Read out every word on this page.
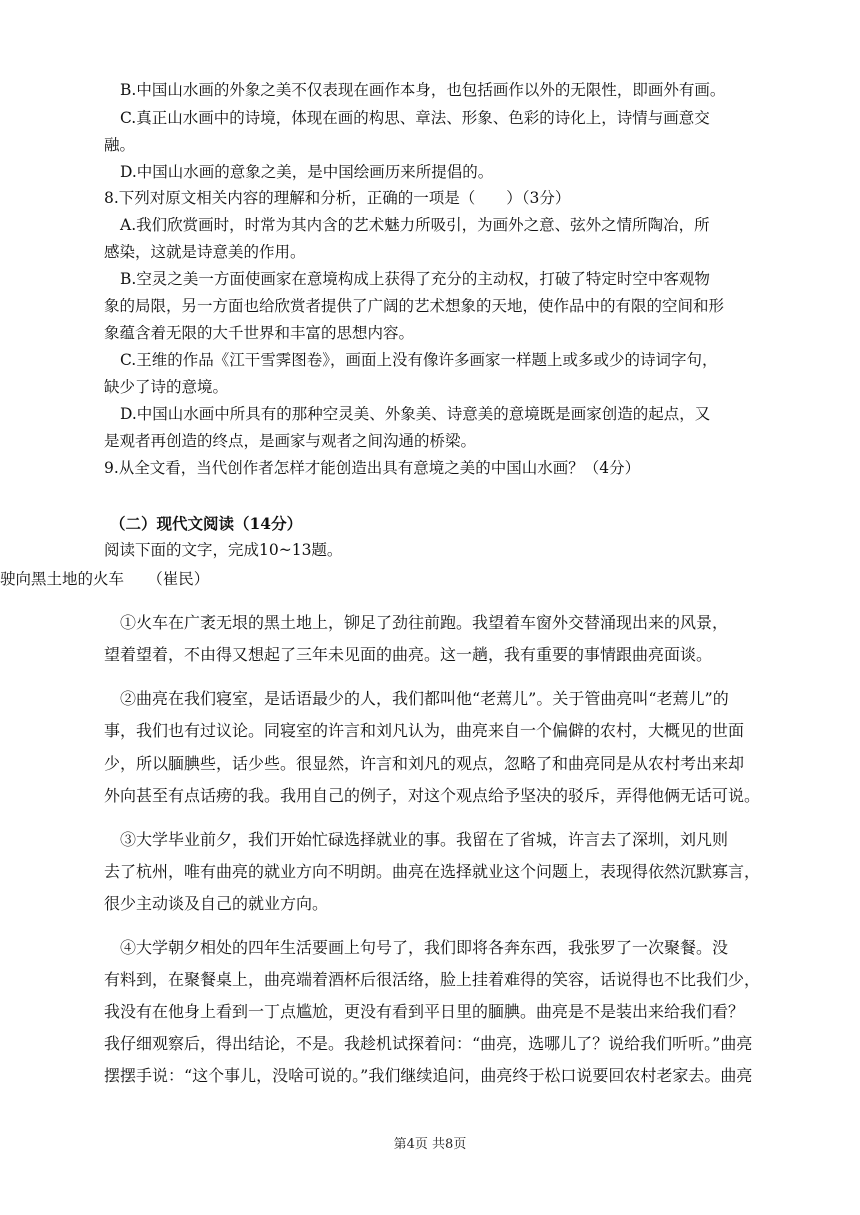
B.中国山水画的外象之美不仅表现在画作本身，也包括画作以外的无限性，即画外有画。
C.真正山水画中的诗境，体现在画的构思、章法、形象、色彩的诗化上，诗情与画意交
融。
D.中国山水画的意象之美，是中国绘画历来所提倡的。
8.下列对原文相关内容的理解和分析，正确的一项是（　　）（3分）
A.我们欣赏画时，时常为其内含的艺术魅力所吸引，为画外之意、弦外之情所陶冶，所
感染，这就是诗意美的作用。
B.空灵之美一方面使画家在意境构成上获得了充分的主动权，打破了特定时空中客观物
象的局限，另一方面也给欣赏者提供了广阔的艺术想象的天地，使作品中的有限的空间和形
象蕴含着无限的大千世界和丰富的思想内容。
C.王维的作品《江干雪霁图卷》，画面上没有像许多画家一样题上或多或少的诗词字句，
缺少了诗的意境。
D.中国山水画中所具有的那种空灵美、外象美、诗意美的意境既是画家创造的起点，又
是观者再创造的终点，是画家与观者之间沟通的桥梁。
9.从全文看，当代创作者怎样才能创造出具有意境之美的中国山水画？（4分）
（二）现代文阅读（14分）
阅读下面的文字，完成10~13题。
驶向黑土地的火车　　（崔民）
①火车在广袤无垠的黑土地上，铆足了劲往前跑。我望着车窗外交替涌现出来的风景，
望着望着，不由得又想起了三年未见面的曲亮。这一趟，我有重要的事情跟曲亮面谈。
②曲亮在我们寝室，是话语最少的人，我们都叫他“老蔫儿”。关于管曲亮叫“老蔫儿”的
事，我们也有过议论。同寝室的许言和刘凡认为，曲亮来自一个偏僻的农村，大概见的世面
少，所以腼腆些，话少些。很显然，许言和刘凡的观点，忽略了和曲亮同是从农村考出来却
外向甚至有点话痨的我。我用自己的例子，对这个观点给予坚决的驳斥，弄得他俩无话可说。
③大学毕业前夕，我们开始忙碌选择就业的事。我留在了省城，许言去了深圳，刘凡则
去了杭州，唯有曲亮的就业方向不明朗。曲亮在选择就业这个问题上，表现得依然沉默寡言，
很少主动谈及自己的就业方向。
④大学朝夕相处的四年生活要画上句号了，我们即将各奔东西，我张罗了一次聚餐。没
有料到，在聚餐桌上，曲亮端着酒杯后很活络，脸上挂着难得的笑容，话说得也不比我们少，
我没有在他身上看到一丁点尴尬，更没有看到平日里的腼腆。曲亮是不是装出来给我们看？
我仔细观察后，得出结论，不是。我趁机试探着问：“曲亮，选哪儿了？说给我们听听。”曲亮
摆摆手说：“这个事儿，没啥可说的。”我们继续追问，曲亮终于松口说要回农村老家去。曲亮
第4页 共8页
